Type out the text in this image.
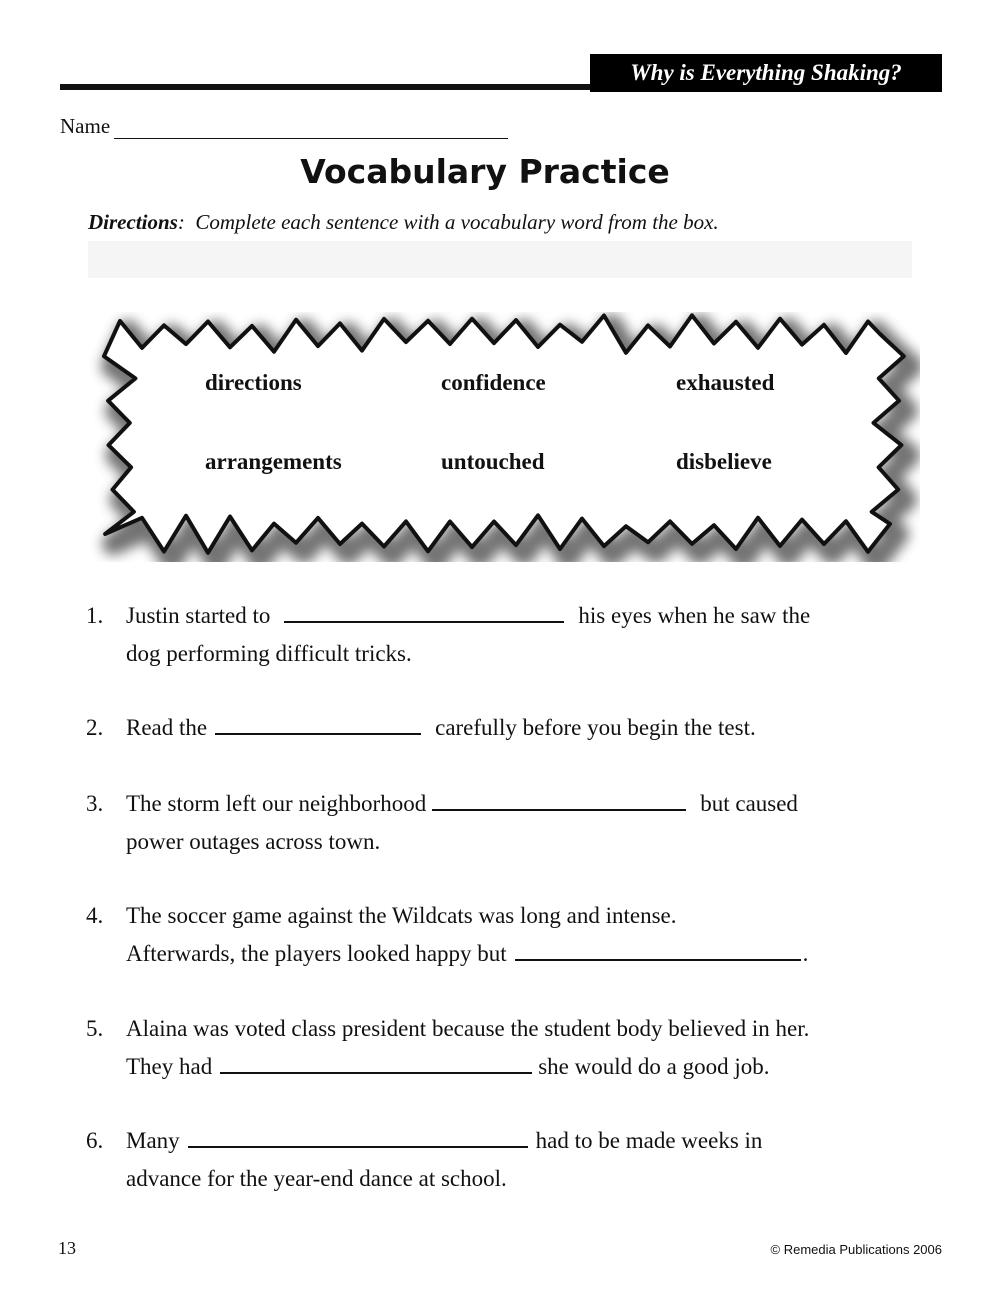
Why is Everything Shaking?
Name
Vocabulary Practice
Directions: Complete each sentence with a vocabulary word from the box.
directions	confidence	exhausted
arrangements	untouched	disbelieve
1. Justin started to	his eyes when he saw the
dog performing difficult tricks.
2. Read the	carefully before you begin the test.
3. The storm left our neighborhood	but caused
power outages across town.
4. The soccer game against the Wildcats was long and intense.
Afterwards, the players looked happy but	.
5. Alaina was voted class president because the student body believed in her.
They had	she would do a good job.
6. Many	had to be made weeks in
advance for the year-end dance at school.
13	© Remedia Publications 2006
